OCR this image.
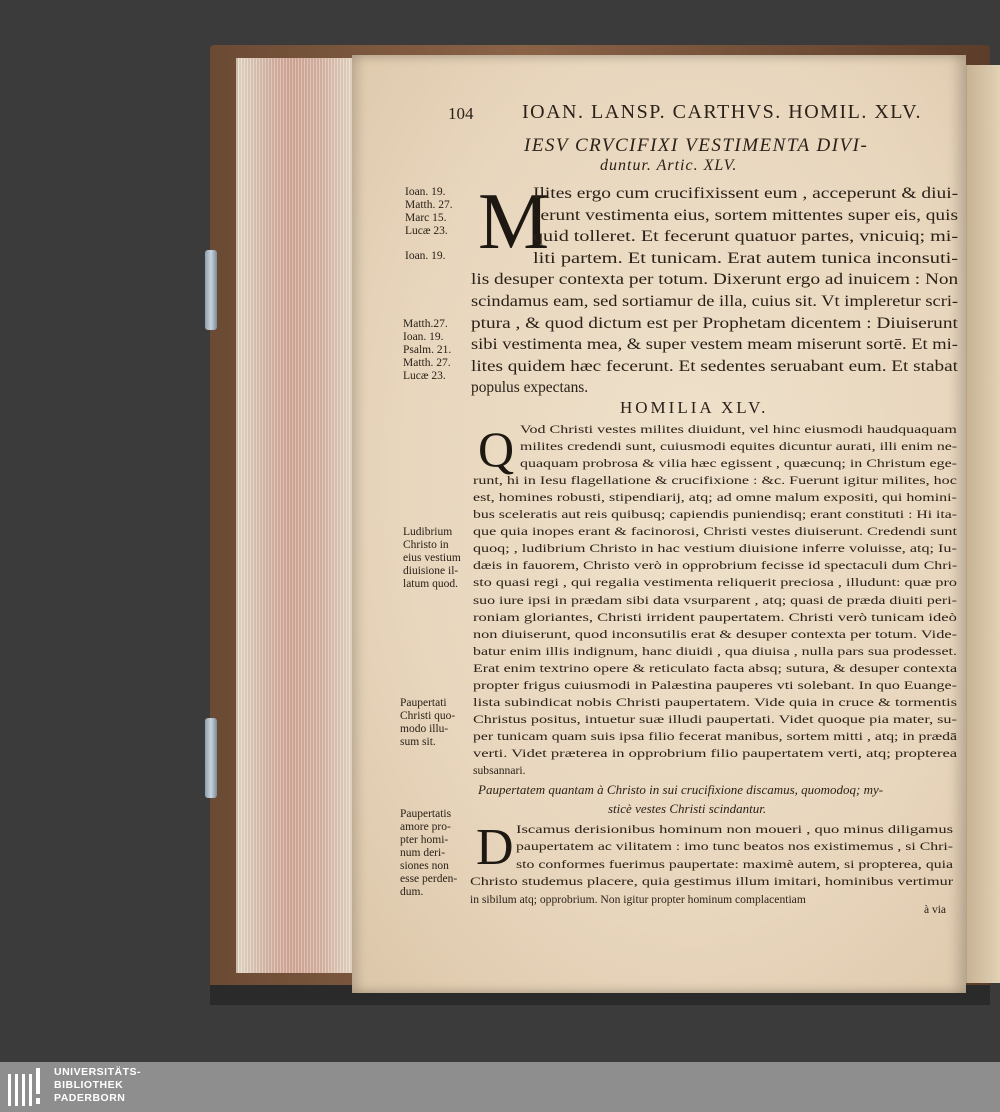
104 IOAN. LANSP. CARTHVS. HOMIL. XLV.
IESV CRVCIFIXI VESTIMENTA DIVI-
duntur. Artic. XLV.
Ioan. 19.
Matth. 27.
Marc 15.
Lucæ 23.
Ioan. 19.
Matth.27.
Ioan. 19.
Psalm. 21.
Matth. 27.
Lucæ 23.
Ludibrium
Christo in
eius vestium
diuisione il-
latum quod.
Paupertati
Christi quo-
modo illu-
sum sit.
Paupertatis
amore pro-
pter homi-
num deri-
siones non
esse perden-
dum.
M
HOMILIA XLV.
Q
Paupertatem quantam à Christo in sui crucifixione discamus, quomodoq; my-
sticè vestes Christi scindantur.
D
à via
Ilites ergo cum crucifixissent eum , acceperunt & diui-
serunt vestimenta eius, sortem mittentes super eis, quis
quid tolleret. Et fecerunt quatuor partes, vnicuiq; mi-
liti partem. Et tunicam. Erat autem tunica inconsuti-
lis desuper contexta per totum. Dixerunt ergo ad inuicem : Non
scindamus eam, sed sortiamur de illa, cuius sit. Vt impleretur scri-
ptura , & quod dictum est per Prophetam dicentem : Diuiserunt
sibi vestimenta mea, & super vestem meam miserunt sortē. Et mi-
lites quidem hæc fecerunt. Et sedentes seruabant eum. Et stabat
populus expectans.
Vod Christi vestes milites diuidunt, vel hinc eiusmodi haudquaquam
milites credendi sunt, cuiusmodi equites dicuntur aurati, illi enim ne-
quaquam probrosa & vilia hæc egissent , quæcunq; in Christum ege-
runt, hi in Iesu flagellatione & crucifixione : &c. Fuerunt igitur milites, hoc
est, homines robusti, stipendiarij, atq; ad omne malum expositi, qui homini-
bus sceleratis aut reis quibusq; capiendis puniendisq; erant constituti : Hi ita-
que quia inopes erant & facinorosi, Christi vestes diuiserunt. Credendi sunt
quoq; , ludibrium Christo in hac vestium diuisione inferre voluisse, atq; Iu-
dæis in fauorem, Christo verò in opprobrium fecisse id spectaculi dum Chri-
sto quasi regi , qui regalia vestimenta reliquerit preciosa , illudunt: quæ pro
suo iure ipsi in prædam sibi data vsurparent , atq; quasi de præda diuiti peri-
roniam gloriantes, Christi irrident paupertatem. Christi verò tunicam ideò
non diuiserunt, quod inconsutilis erat & desuper contexta per totum. Vide-
batur enim illis indignum, hanc diuidi , qua diuisa , nulla pars sua prodesset.
Erat enim textrino opere & reticulato facta absq; sutura, & desuper contexta
propter frigus cuiusmodi in Palæstina pauperes vti solebant. In quo Euange-
lista subindicat nobis Christi paupertatem. Vide quia in cruce & tormentis
Christus positus, intuetur suæ illudi paupertati. Videt quoque pia mater, su-
per tunicam quam suis ipsa filio fecerat manibus, sortem mitti , atq; in prædā
verti. Videt præterea in opprobrium filio paupertatem verti, atq; propterea
subsannari.
Iscamus derisionibus hominum non moueri , quo minus diligamus
paupertatem ac vilitatem : imo tunc beatos nos existimemus , si Chri-
sto conformes fuerimus paupertate: maximè autem, si propterea, quia
Christo studemus placere, quia gestimus illum imitari, hominibus vertimur
in sibilum atq; opprobrium. Non igitur propter hominum complacentiam
UNIVERSITÄTS-
BIBLIOTHEK
PADERBORN
